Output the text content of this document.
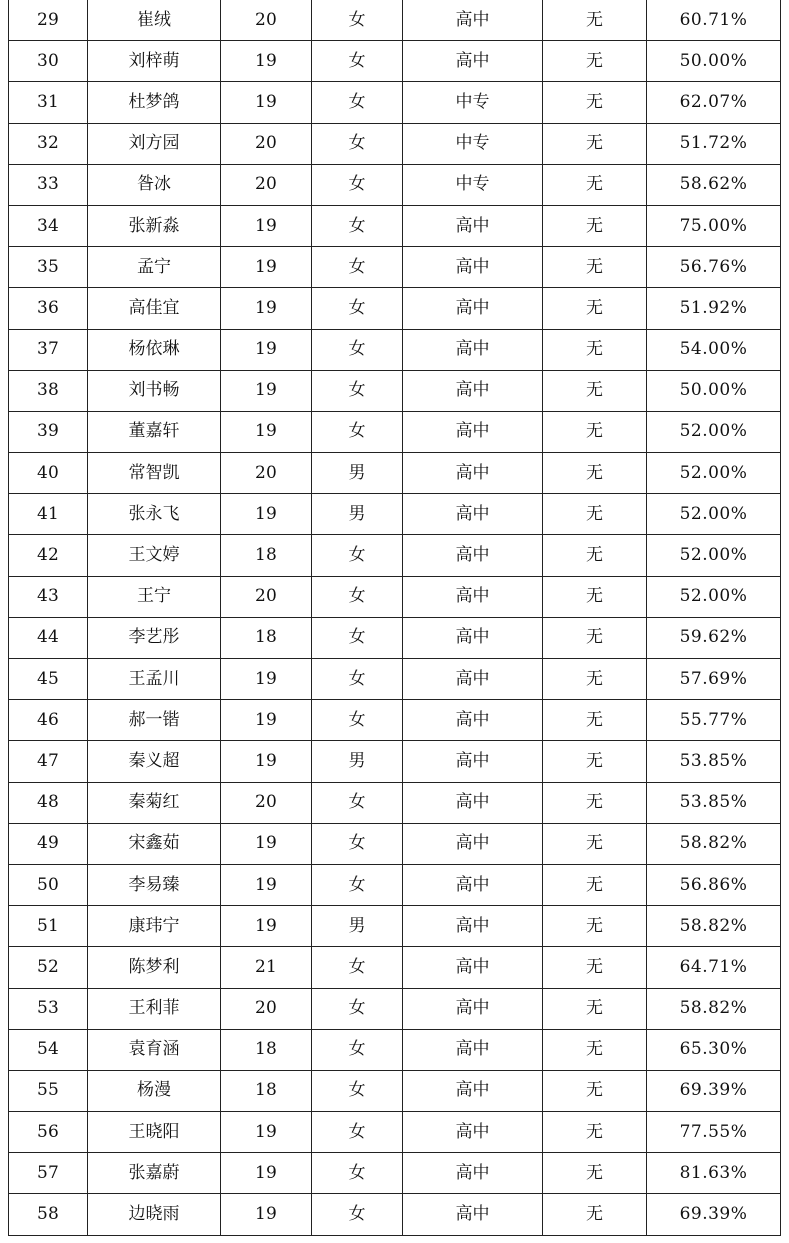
29	崔绒	20	女	高中	无	60.71%
30	刘梓萌	19	女	高中	无	50.00%
31	杜梦鸽	19	女	中专	无	62.07%
32	刘方园	20	女	中专	无	51.72%
33	昝冰	20	女	中专	无	58.62%
34	张新淼	19	女	高中	无	75.00%
35	孟宁	19	女	高中	无	56.76%
36	高佳宜	19	女	高中	无	51.92%
37	杨依琳	19	女	高中	无	54.00%
38	刘书畅	19	女	高中	无	50.00%
39	董嘉轩	19	女	高中	无	52.00%
40	常智凯	20	男	高中	无	52.00%
41	张永飞	19	男	高中	无	52.00%
42	王文婷	18	女	高中	无	52.00%
43	王宁	20	女	高中	无	52.00%
44	李艺彤	18	女	高中	无	59.62%
45	王孟川	19	女	高中	无	57.69%
46	郝一锴	19	女	高中	无	55.77%
47	秦义超	19	男	高中	无	53.85%
48	秦菊红	20	女	高中	无	53.85%
49	宋鑫茹	19	女	高中	无	58.82%
50	李易臻	19	女	高中	无	56.86%
51	康玮宁	19	男	高中	无	58.82%
52	陈梦利	21	女	高中	无	64.71%
53	王利菲	20	女	高中	无	58.82%
54	袁育涵	18	女	高中	无	65.30%
55	杨漫	18	女	高中	无	69.39%
56	王晓阳	19	女	高中	无	77.55%
57	张嘉蔚	19	女	高中	无	81.63%
58	边晓雨	19	女	高中	无	69.39%
